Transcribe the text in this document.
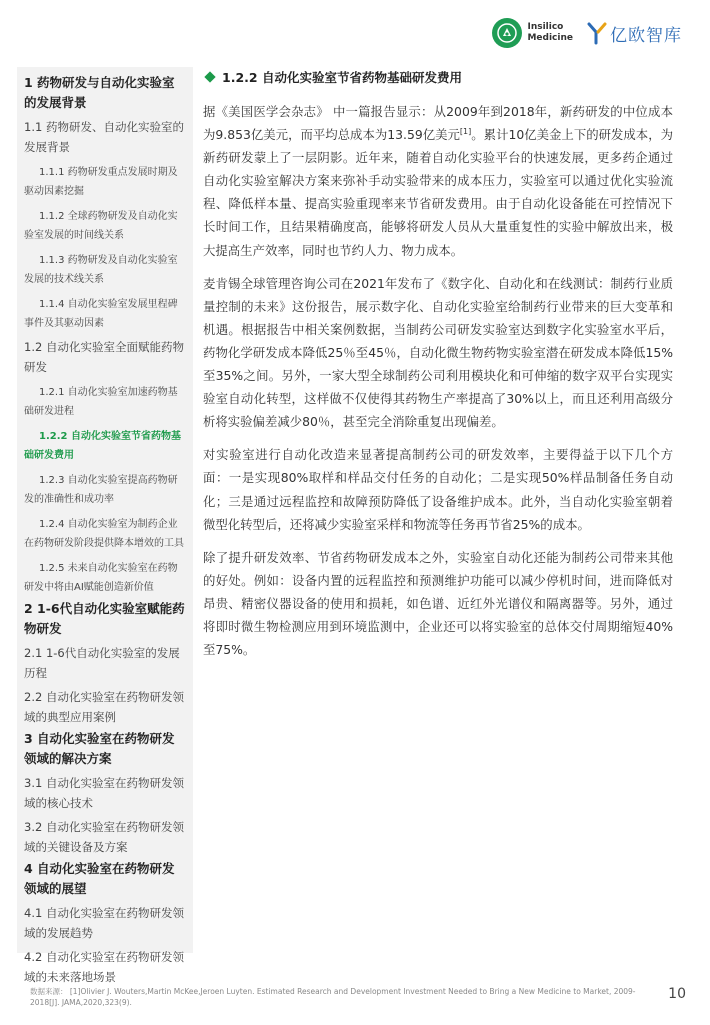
Insilico
Medicine 亿欧智库
1 药物研发与自动化实验室的发展背景
1.1 药物研发、自动化实验室的发展背景
1.1.1 药物研发重点发展时期及驱动因素挖掘
1.1.2 全球药物研发及自动化实验室发展的时间线关系
1.1.3 药物研发及自动化实验室发展的技术线关系
1.1.4 自动化实验室发展里程碑事件及其驱动因素
1.2 自动化实验室全面赋能药物研发
1.2.1 自动化实验室加速药物基础研发进程
1.2.2 自动化实验室节省药物基础研发费用
1.2.3 自动化实验室提高药物研发的准确性和成功率
1.2.4 自动化实验室为制药企业在药物研发阶段提供降本增效的工具
1.2.5 未来自动化实验室在药物研发中将由AI赋能创造新价值
2 1-6代自动化实验室赋能药物研发
2.1 1-6代自动化实验室的发展历程
2.2 自动化实验室在药物研发领域的典型应用案例
3 自动化实验室在药物研发领域的解决方案
3.1 自动化实验室在药物研发领域的核心技术
3.2 自动化实验室在药物研发领域的关键设备及方案
4 自动化实验室在药物研发领域的展望
4.1 自动化实验室在药物研发领域的发展趋势
4.2 自动化实验室在药物研发领域的未来落地场景
1.2.2 自动化实验室节省药物基础研发费用

据《美国医学会杂志》 中一篇报告显示：从2009年到2018年，新药研发的中位成本为9.853亿美元，而平均总成本为13.59亿美元[1]。累计10亿美金上下的研发成本，为新药研发蒙上了一层阴影。近年来，随着自动化实验平台的快速发展，更多药企通过自动化实验室解决方案来弥补手动实验带来的成本压力，实验室可以通过优化实验流程、降低样本量、提高实验重现率来节省研发费用。由于自动化设备能在可控情况下长时间工作，且结果精确度高，能够将研发人员从大量重复性的实验中解放出来，极大提高生产效率，同时也节约人力、物力成本。

麦肯锡全球管理咨询公司在2021年发布了《数字化、自动化和在线测试：制药行业质量控制的未来》这份报告，展示数字化、自动化实验室给制药行业带来的巨大变革和机遇。根据报告中相关案例数据，当制药公司研发实验室达到数字化实验室水平后，药物化学研发成本降低25％至45％，自动化微生物药物实验室潜在研发成本降低15%至35%之间。另外，一家大型全球制药公司利用模块化和可伸缩的数字双平台实现实验室自动化转型，这样做不仅使得其药物生产率提高了30%以上，而且还利用高级分析将实验偏差减少80％，甚至完全消除重复出现偏差。

对实验室进行自动化改造来显著提高制药公司的研发效率，主要得益于以下几个方面：一是实现80%取样和样品交付任务的自动化；二是实现50%样品制备任务自动化；三是通过远程监控和故障预防降低了设备维护成本。此外，当自动化实验室朝着微型化转型后，还将减少实验室采样和物流等任务再节省25%的成本。

除了提升研发效率、节省药物研发成本之外，实验室自动化还能为制药公司带来其他的好处。例如：设备内置的远程监控和预测维护功能可以减少停机时间，进而降低对昂贵、精密仪器设备的使用和损耗，如色谱、近红外光谱仪和隔离器等。另外，通过将即时微生物检测应用到环境监测中，企业还可以将实验室的总体交付周期缩短40%至75%。

数据来源： [1]Olivier J. Wouters,Martin McKee,Jeroen Luyten. Estimated Research and Development Investment Needed to Bring a New Medicine to Market, 2009-2018[J]. JAMA,2020,323(9).
10
